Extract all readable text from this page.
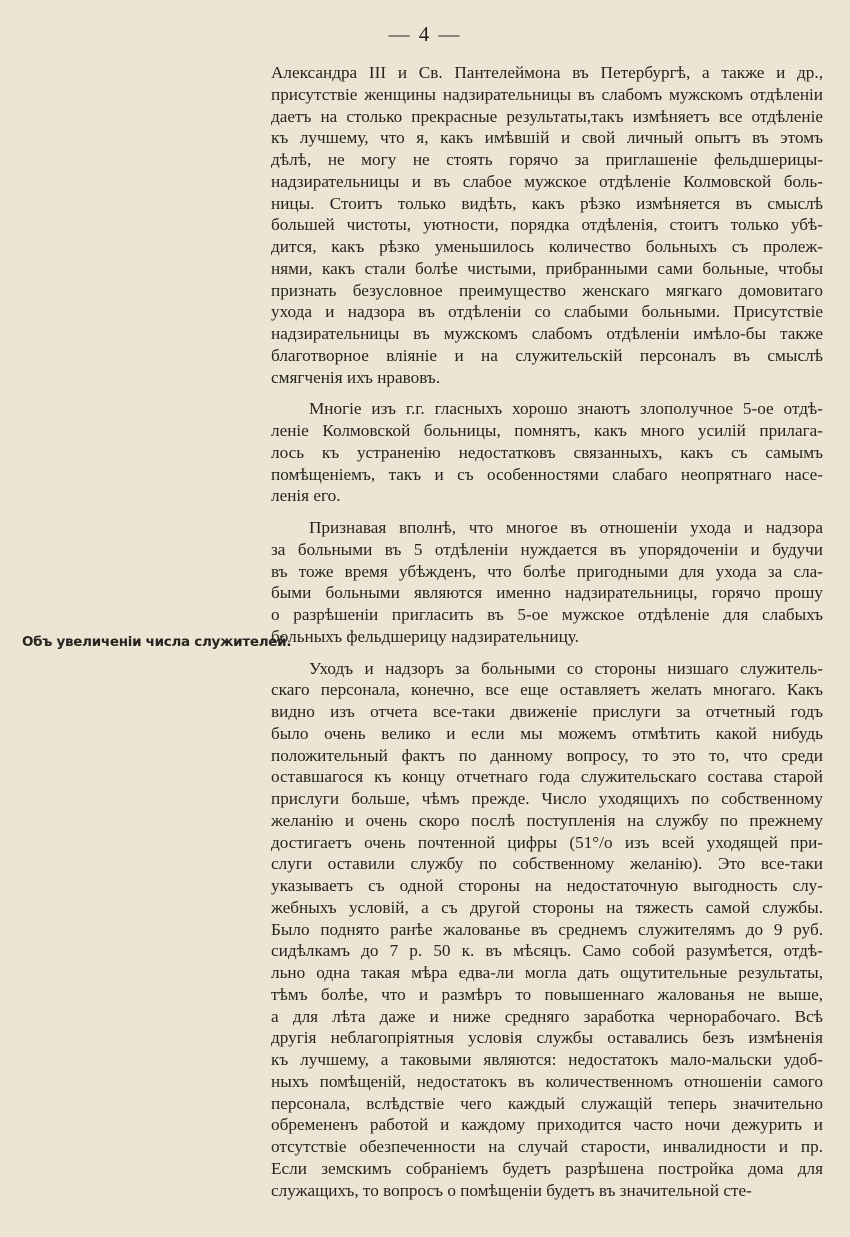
— 4 —
Объ увеличеніи числа служителей.
Александра III и Св. Пантелеймона въ Петербургѣ, а также и др.,
присутствіе женщины надзирательницы въ слабомъ мужскомъ отдѣленіи
даетъ на столько прекрасные результаты,такъ измѣняетъ все отдѣленіе
къ лучшему, что я, какъ имѣвшій и свой личный опытъ въ этомъ
дѣлѣ, не могу не стоять горячо за приглашеніе фельдшерицы-
надзирательницы и въ слабое мужское отдѣленіе Колмовской боль-
ницы. Стоитъ только видѣть, какъ рѣзко измѣняется въ смыслѣ
большей чистоты, уютности, порядка отдѣленія, стоитъ только убѣ-
дится, какъ рѣзко уменьшилось количество больныхъ съ пролеж-
нями, какъ стали болѣе чистыми, прибранными сами больные, чтобы
признать безусловное преимущество женскаго мягкаго домовитаго
ухода и надзора въ отдѣленіи со слабыми больными. Присутствіе
надзирательницы въ мужскомъ слабомъ отдѣленіи имѣло-бы также
благотворное вліяніе и на служительскій персоналъ въ смыслѣ
смягченія ихъ нравовъ.
Многіе изъ г.г. гласныхъ хорошо знаютъ злополучное 5-ое отдѣ-
леніе Колмовской больницы, помнятъ, какъ много усилій прилага-
лось къ устраненію недостатковъ связанныхъ, какъ съ самымъ
помѣщеніемъ, такъ и съ особенностями слабаго неопрятнаго насе-
ленія его.
Признавая вполнѣ, что многое въ отношеніи ухода и надзора
за больными въ 5 отдѣленіи нуждается въ упорядоченіи и будучи
въ тоже время убѣжденъ, что болѣе пригодными для ухода за сла-
быми больными являются именно надзирательницы, горячо прошу
о разрѣшеніи пригласить въ 5-ое мужское отдѣленіе для слабыхъ
больныхъ фельдшерицу надзирательницу.
Уходъ и надзоръ за больными со стороны низшаго служитель-
скаго персонала, конечно, все еще оставляетъ желать многаго. Какъ
видно изъ отчета все-таки движеніе прислуги за отчетный годъ
было очень велико и если мы можемъ отмѣтить какой нибудь
положительный фактъ по данному вопросу, то это то, что среди
оставшагося къ концу отчетнаго года служительскаго состава старой
прислуги больше, чѣмъ прежде. Число уходящихъ по собственному
желанію и очень скоро послѣ поступленія на службу по прежнему
достигаетъ очень почтенной цифры (51°/о изъ всей уходящей при-
слуги оставили службу по собственному желанію). Это все-таки
указываетъ съ одной стороны на недостаточную выгодность слу-
жебныхъ условій, а съ другой стороны на тяжесть самой службы.
Было поднято ранѣе жалованье въ среднемъ служителямъ до 9 руб.
сидѣлкамъ до 7 р. 50 к. въ мѣсяцъ. Само собой разумѣется, отдѣ-
льно одна такая мѣра едва-ли могла дать ощутительные результаты,
тѣмъ болѣе, что и размѣръ то повышеннаго жалованья не выше,
а для лѣта даже и ниже средняго заработка чернорабочаго. Всѣ
другія неблагопріятныя условія службы оставались безъ измѣненія
къ лучшему, а таковыми являются: недостатокъ мало-мальски удоб-
ныхъ помѣщеній, недостатокъ въ количественномъ отношеніи самого
персонала, вслѣдствіе чего каждый служащій теперь значительно
обремененъ работой и каждому приходится часто ночи дежурить и
отсутствіе обезпеченности на случай старости, инвалидности и пр.
Если земскимъ собраніемъ будетъ разрѣшена постройка дома для
служащихъ, то вопросъ о помѣщеніи будетъ въ значительной сте-
